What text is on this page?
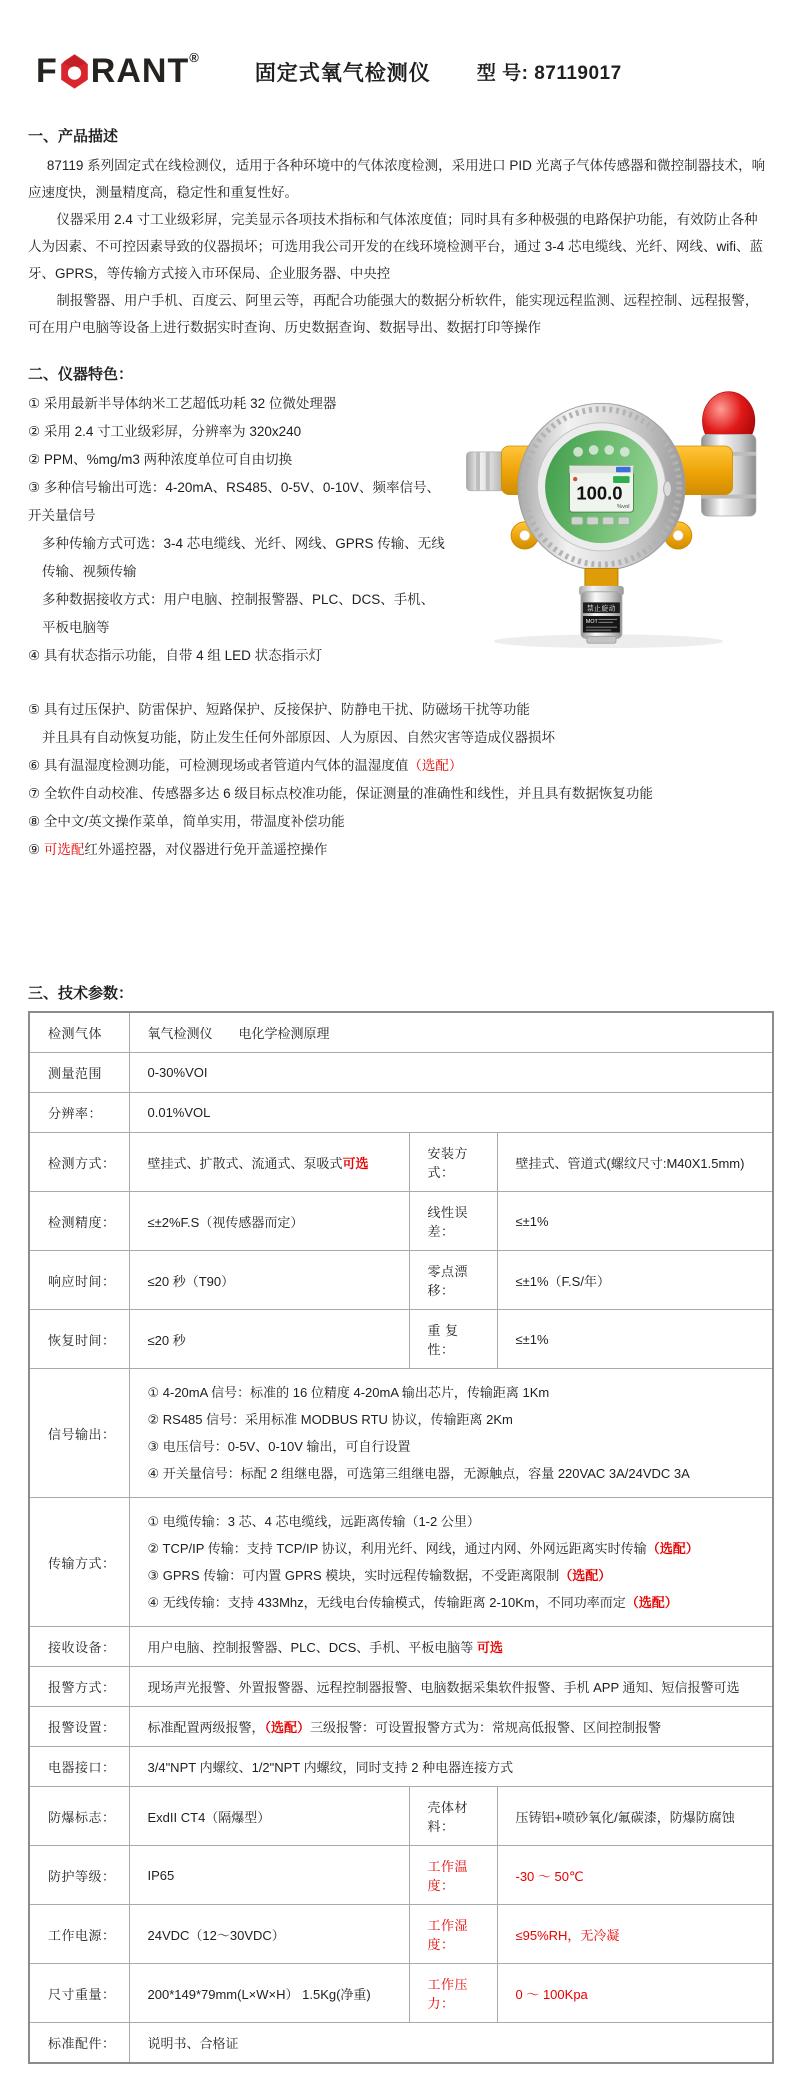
F RANT ®
固定式氧气检测仪 型 号: 87119017
一、产品描述

87119 系列固定式在线检测仪，适用于各种环境中的气体浓度检测，采用进口 PID 光离子气体传感器和微控制器技术，响应速度快，测量精度高，稳定性和重复性好。

仪器采用 2.4 寸工业级彩屏，完美显示各项技术指标和气体浓度值；同时具有多种极强的电路保护功能，有效防止各种人为因素、不可控因素导致的仪器损坏；可选用我公司开发的在线环境检测平台，通过 3-4 芯电缆线、光纤、网线、wifi、蓝牙、GPRS，等传输方式接入市环保局、企业服务器、中央控

制报警器、用户手机、百度云、阿里云等，再配合功能强大的数据分析软件，能实现远程监测、远程控制、远程报警，可在用户电脑等设备上进行数据实时查询、历史数据查询、数据导出、数据打印等操作

二、仪器特色：
100.0
%vol
禁止旋动
MOT
① 采用最新半导体纳米工艺超低功耗 32 位微处理器
② 采用 2.4 寸工业级彩屏，分辨率为 320x240
② PPM、%mg/m3 两种浓度单位可自由切换
③ 多种信号输出可选：4-20mA、RS485、0-5V、0-10V、频率信号、开关量信号
多种传输方式可选：3-4 芯电缆线、光纤、网线、GPRS 传输、无线传输、视频传输
多种数据接收方式：用户电脑、控制报警器、PLC、DCS、手机、平板电脑等
④ 具有状态指示功能，自带 4 组 LED 状态指示灯
⑤ 具有过压保护、防雷保护、短路保护、反接保护、防静电干扰、防磁场干扰等功能
并且具有自动恢复功能，防止发生任何外部原因、人为原因、自然灾害等造成仪器损坏
⑥ 具有温湿度检测功能，可检测现场或者管道内气体的温湿度值（选配）
⑦ 全软件自动校准、传感器多达 6 级目标点校准功能，保证测量的准确性和线性，并且具有数据恢复功能
⑧ 全中文/英文操作菜单，简单实用，带温度补偿功能
⑨ 可选配红外遥控器，对仪器进行免开盖遥控操作
三、技术参数：
检测气体	氧气检测仪　　电化学检测原理		
测量范围	0-30%VOI		
分辨率：	0.01%VOL		
检测方式：	壁挂式、扩散式、流通式、泵吸式可选	安装方式：	壁挂式、管道式(螺纹尺寸:M40X1.5mm)
检测精度：	≤±2%F.S（视传感器而定）	线性误差：	≤±1%
响应时间：	≤20 秒（T90）	零点漂移：	≤±1%（F.S/年）
恢复时间：	≤20 秒	重 复 性：	≤±1%
信号输出：	① 4-20mA 信号：标准的 16 位精度 4-20mA 输出芯片，传输距离 1Km
② RS485 信号：采用标准 MODBUS RTU 协议，传输距离 2Km
③ 电压信号：0-5V、0-10V 输出，可自行设置
④ 开关量信号：标配 2 组继电器，可选第三组继电器，无源触点，容量 220VAC 3A/24VDC 3A		

传输方式：	① 电缆传输：3 芯、4 芯电缆线，远距离传输（1-2 公里）
② TCP/IP 传输：支持 TCP/IP 协议，利用光纤、网线，通过内网、外网远距离实时传输（选配）
③ GPRS 传输：可内置 GPRS 模块，实时远程传输数据，不受距离限制（选配）
④ 无线传输：支持 433Mhz，无线电台传输模式，传输距离 2-10Km，不同功率而定（选配）		

接收设备：	用户电脑、控制报警器、PLC、DCS、手机、平板电脑等 可选		
报警方式：	现场声光报警、外置报警器、远程控制器报警、电脑数据采集软件报警、手机 APP 通知、短信报警可选		
报警设置：	标准配置两级报警，（选配）三级报警：可设置报警方式为：常规高低报警、区间控制报警		
电器接口：	3/4"NPT 内螺纹、1/2"NPT 内螺纹，同时支持 2 种电器连接方式		
防爆标志：	ExdII CT4（隔爆型）	壳体材料：	压铸铝+喷砂氧化/氟碳漆，防爆防腐蚀
防护等级：	IP65	工作温度：	-30 ～ 50℃
工作电源：	24VDC（12～30VDC）	工作湿度：	≤95%RH，无冷凝
尺寸重量：	200*149*79mm(L×W×H） 1.5Kg(净重)	工作压力：	0 ～ 100Kpa
标准配件：	说明书、合格证		
